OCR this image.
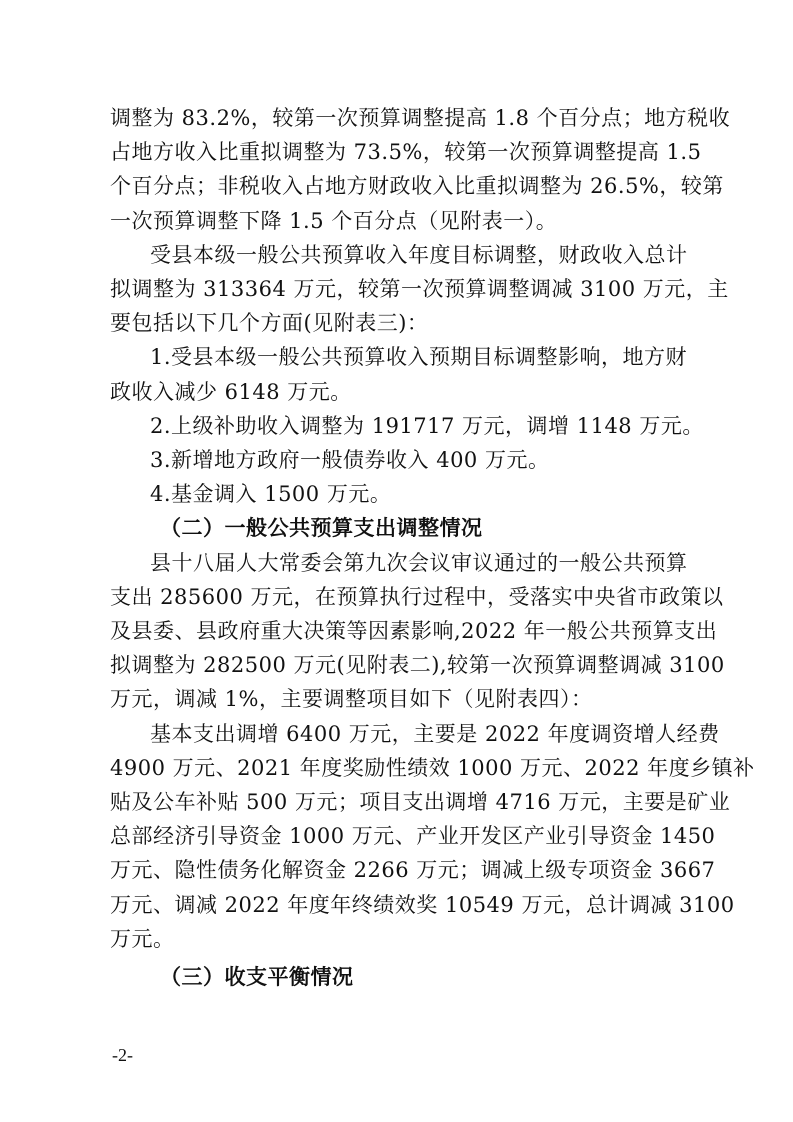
调整为 83.2%，较第一次预算调整提高 1.8 个百分点；地方税收
占地方收入比重拟调整为 73.5%，较第一次预算调整提高 1.5
个百分点；非税收入占地方财政收入比重拟调整为 26.5%，较第
一次预算调整下降 1.5 个百分点（见附表一）。
受县本级一般公共预算收入年度目标调整，财政收入总计
拟调整为 313364 万元，较第一次预算调整调减 3100 万元，主
要包括以下几个方面(见附表三)：
1.受县本级一般公共预算收入预期目标调整影响，地方财
政收入减少 6148 万元。
2.上级补助收入调整为 191717 万元，调增 1148 万元。
3.新增地方政府一般债券收入 400 万元。
4.基金调入 1500 万元。
（二）一般公共预算支出调整情况
县十八届人大常委会第九次会议审议通过的一般公共预算
支出 285600 万元，在预算执行过程中，受落实中央省市政策以
及县委、县政府重大决策等因素影响,2022 年一般公共预算支出
拟调整为 282500 万元(见附表二),较第一次预算调整调减 3100
万元，调减 1%，主要调整项目如下（见附表四）：
基本支出调增 6400 万元，主要是 2022 年度调资增人经费
4900 万元、2021 年度奖励性绩效 1000 万元、2022 年度乡镇补
贴及公车补贴 500 万元；项目支出调增 4716 万元，主要是矿业
总部经济引导资金 1000 万元、产业开发区产业引导资金 1450
万元、隐性债务化解资金 2266 万元；调减上级专项资金 3667
万元、调减 2022 年度年终绩效奖 10549 万元，总计调减 3100
万元。
（三）收支平衡情况
-2-
